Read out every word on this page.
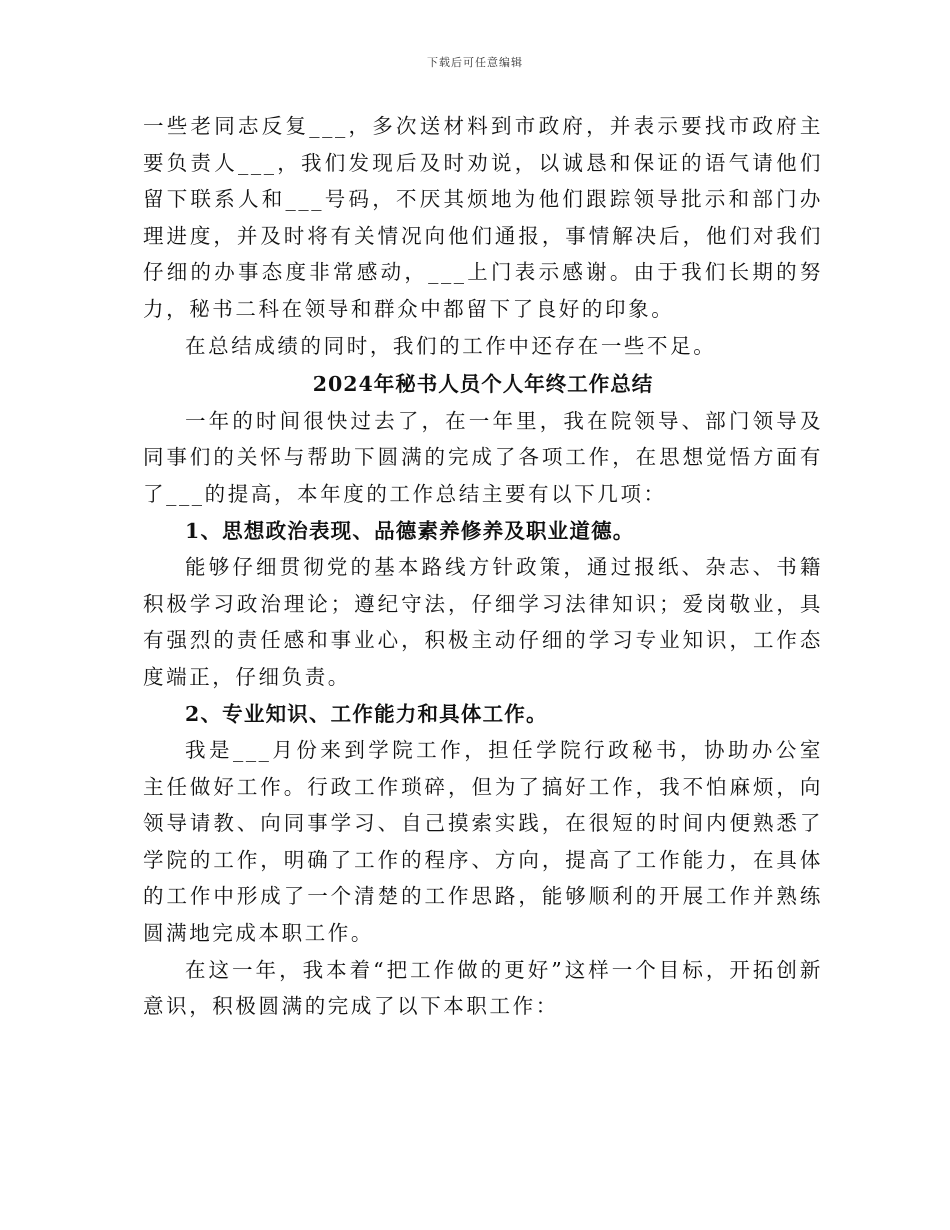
下载后可任意编辑

一些老同志反复___，多次送材料到市政府，并表示要找市政府主要负责人___，我们发现后及时劝说，以诚恳和保证的语气请他们留下联系人和___号码，不厌其烦地为他们跟踪领导批示和部门办理进度，并及时将有关情况向他们通报，事情解决后，他们对我们仔细的办事态度非常感动，___上门表示感谢。由于我们长期的努力，秘书二科在领导和群众中都留下了良好的印象。

在总结成绩的同时，我们的工作中还存在一些不足。

2024年秘书人员个人年终工作总结

一年的时间很快过去了，在一年里，我在院领导、部门领导及同事们的关怀与帮助下圆满的完成了各项工作，在思想觉悟方面有了___的提高，本年度的工作总结主要有以下几项：

1、思想政治表现、品德素养修养及职业道德。

能够仔细贯彻党的基本路线方针政策，通过报纸、杂志、书籍积极学习政治理论；遵纪守法，仔细学习法律知识；爱岗敬业，具有强烈的责任感和事业心，积极主动仔细的学习专业知识，工作态度端正，仔细负责。

2、专业知识、工作能力和具体工作。

我是___月份来到学院工作，担任学院行政秘书，协助办公室主任做好工作。行政工作琐碎，但为了搞好工作，我不怕麻烦，向领导请教、向同事学习、自己摸索实践，在很短的时间内便熟悉了学院的工作，明确了工作的程序、方向，提高了工作能力，在具体的工作中形成了一个清楚的工作思路，能够顺利的开展工作并熟练圆满地完成本职工作。

在这一年，我本着“把工作做的更好”这样一个目标，开拓创新意识，积极圆满的完成了以下本职工作：
